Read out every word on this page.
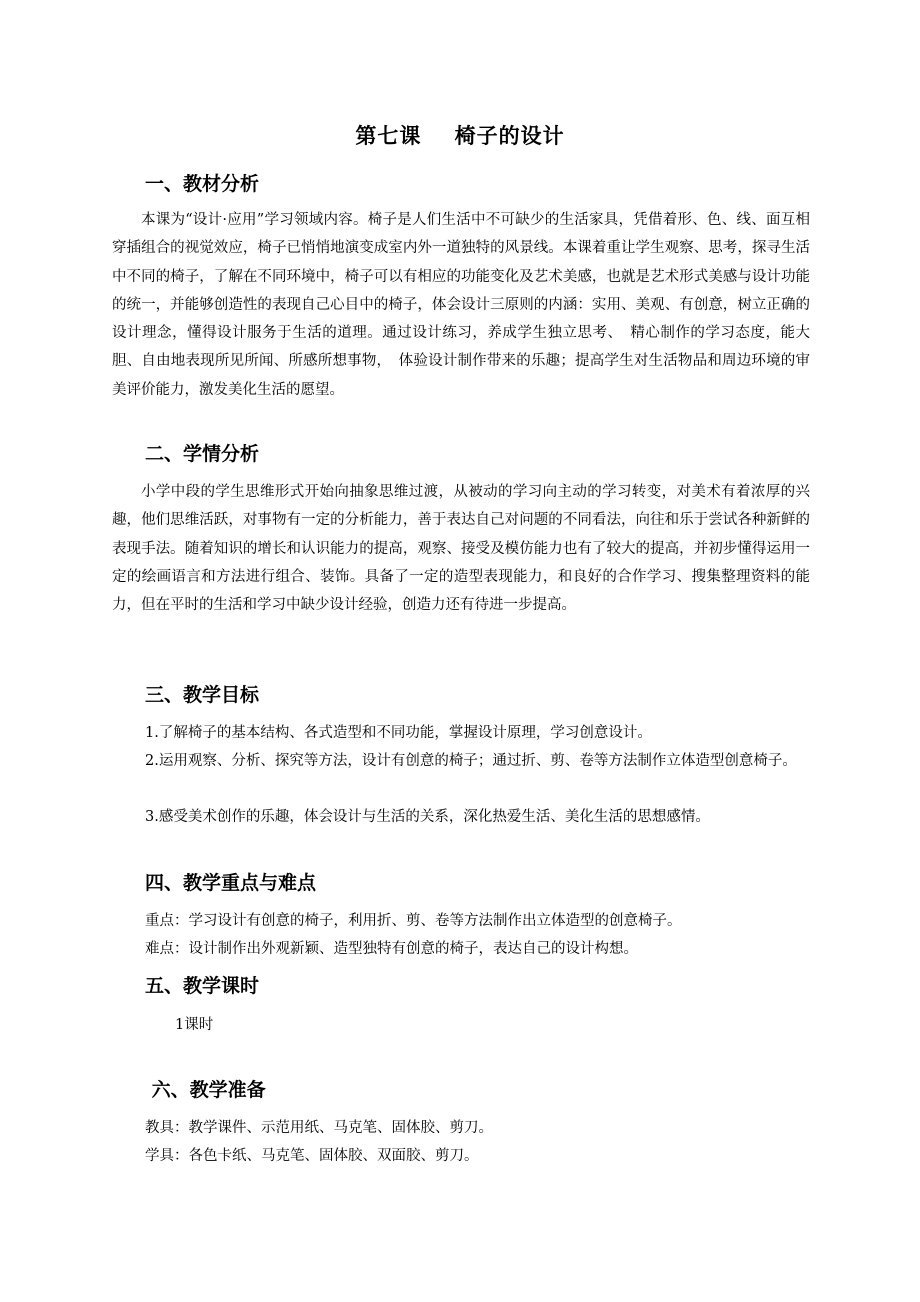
第七课    椅子的设计
一、教材分析

本课为“设计·应用”学习领域内容。椅子是人们生活中不可缺少的生活家具，凭借着形、色、线、面互相穿插组合的视觉效应，椅子已悄悄地演变成室内外一道独特的风景线。本课着重让学生观察、思考，探寻生活中不同的椅子，了解在不同环境中，椅子可以有相应的功能变化及艺术美感，也就是艺术形式美感与设计功能的统一，并能够创造性的表现自己心目中的椅子，体会设计三原则的内涵：实用、美观、有创意，树立正确的设计理念，懂得设计服务于生活的道理。通过设计练习，养成学生独立思考、　精心制作的学习态度，能大胆、自由地表现所见所闻、所感所想事物，　体验设计制作带来的乐趣；提高学生对生活物品和周边环境的审美评价能力，激发美化生活的愿望。

二、学情分析

小学中段的学生思维形式开始向抽象思维过渡，从被动的学习向主动的学习转变，对美术有着浓厚的兴趣，他们思维活跃，对事物有一定的分析能力，善于表达自己对问题的不同看法，向往和乐于尝试各种新鲜的表现手法。随着知识的增长和认识能力的提高，观察、接受及模仿能力也有了较大的提高，并初步懂得运用一定的绘画语言和方法进行组合、装饰。具备了一定的造型表现能力，和良好的合作学习、搜集整理资料的能力，但在平时的生活和学习中缺少设计经验，创造力还有待进一步提高。

三、教学目标

1.了解椅子的基本结构、各式造型和不同功能，掌握设计原理，学习创意设计。

2.运用观察、分析、探究等方法，设计有创意的椅子；通过折、剪、卷等方法制作立体造型创意椅子。

3.感受美术创作的乐趣，体会设计与生活的关系，深化热爱生活、美化生活的思想感情。

四、教学重点与难点

重点：学习设计有创意的椅子，利用折、剪、卷等方法制作出立体造型的创意椅子。

难点：设计制作出外观新颖、造型独特有创意的椅子，表达自己的设计构想。

五、教学课时

1课时

六、教学准备

教具：教学课件、示范用纸、马克笔、固体胶、剪刀。

学具：各色卡纸、马克笔、固体胶、双面胶、剪刀。
